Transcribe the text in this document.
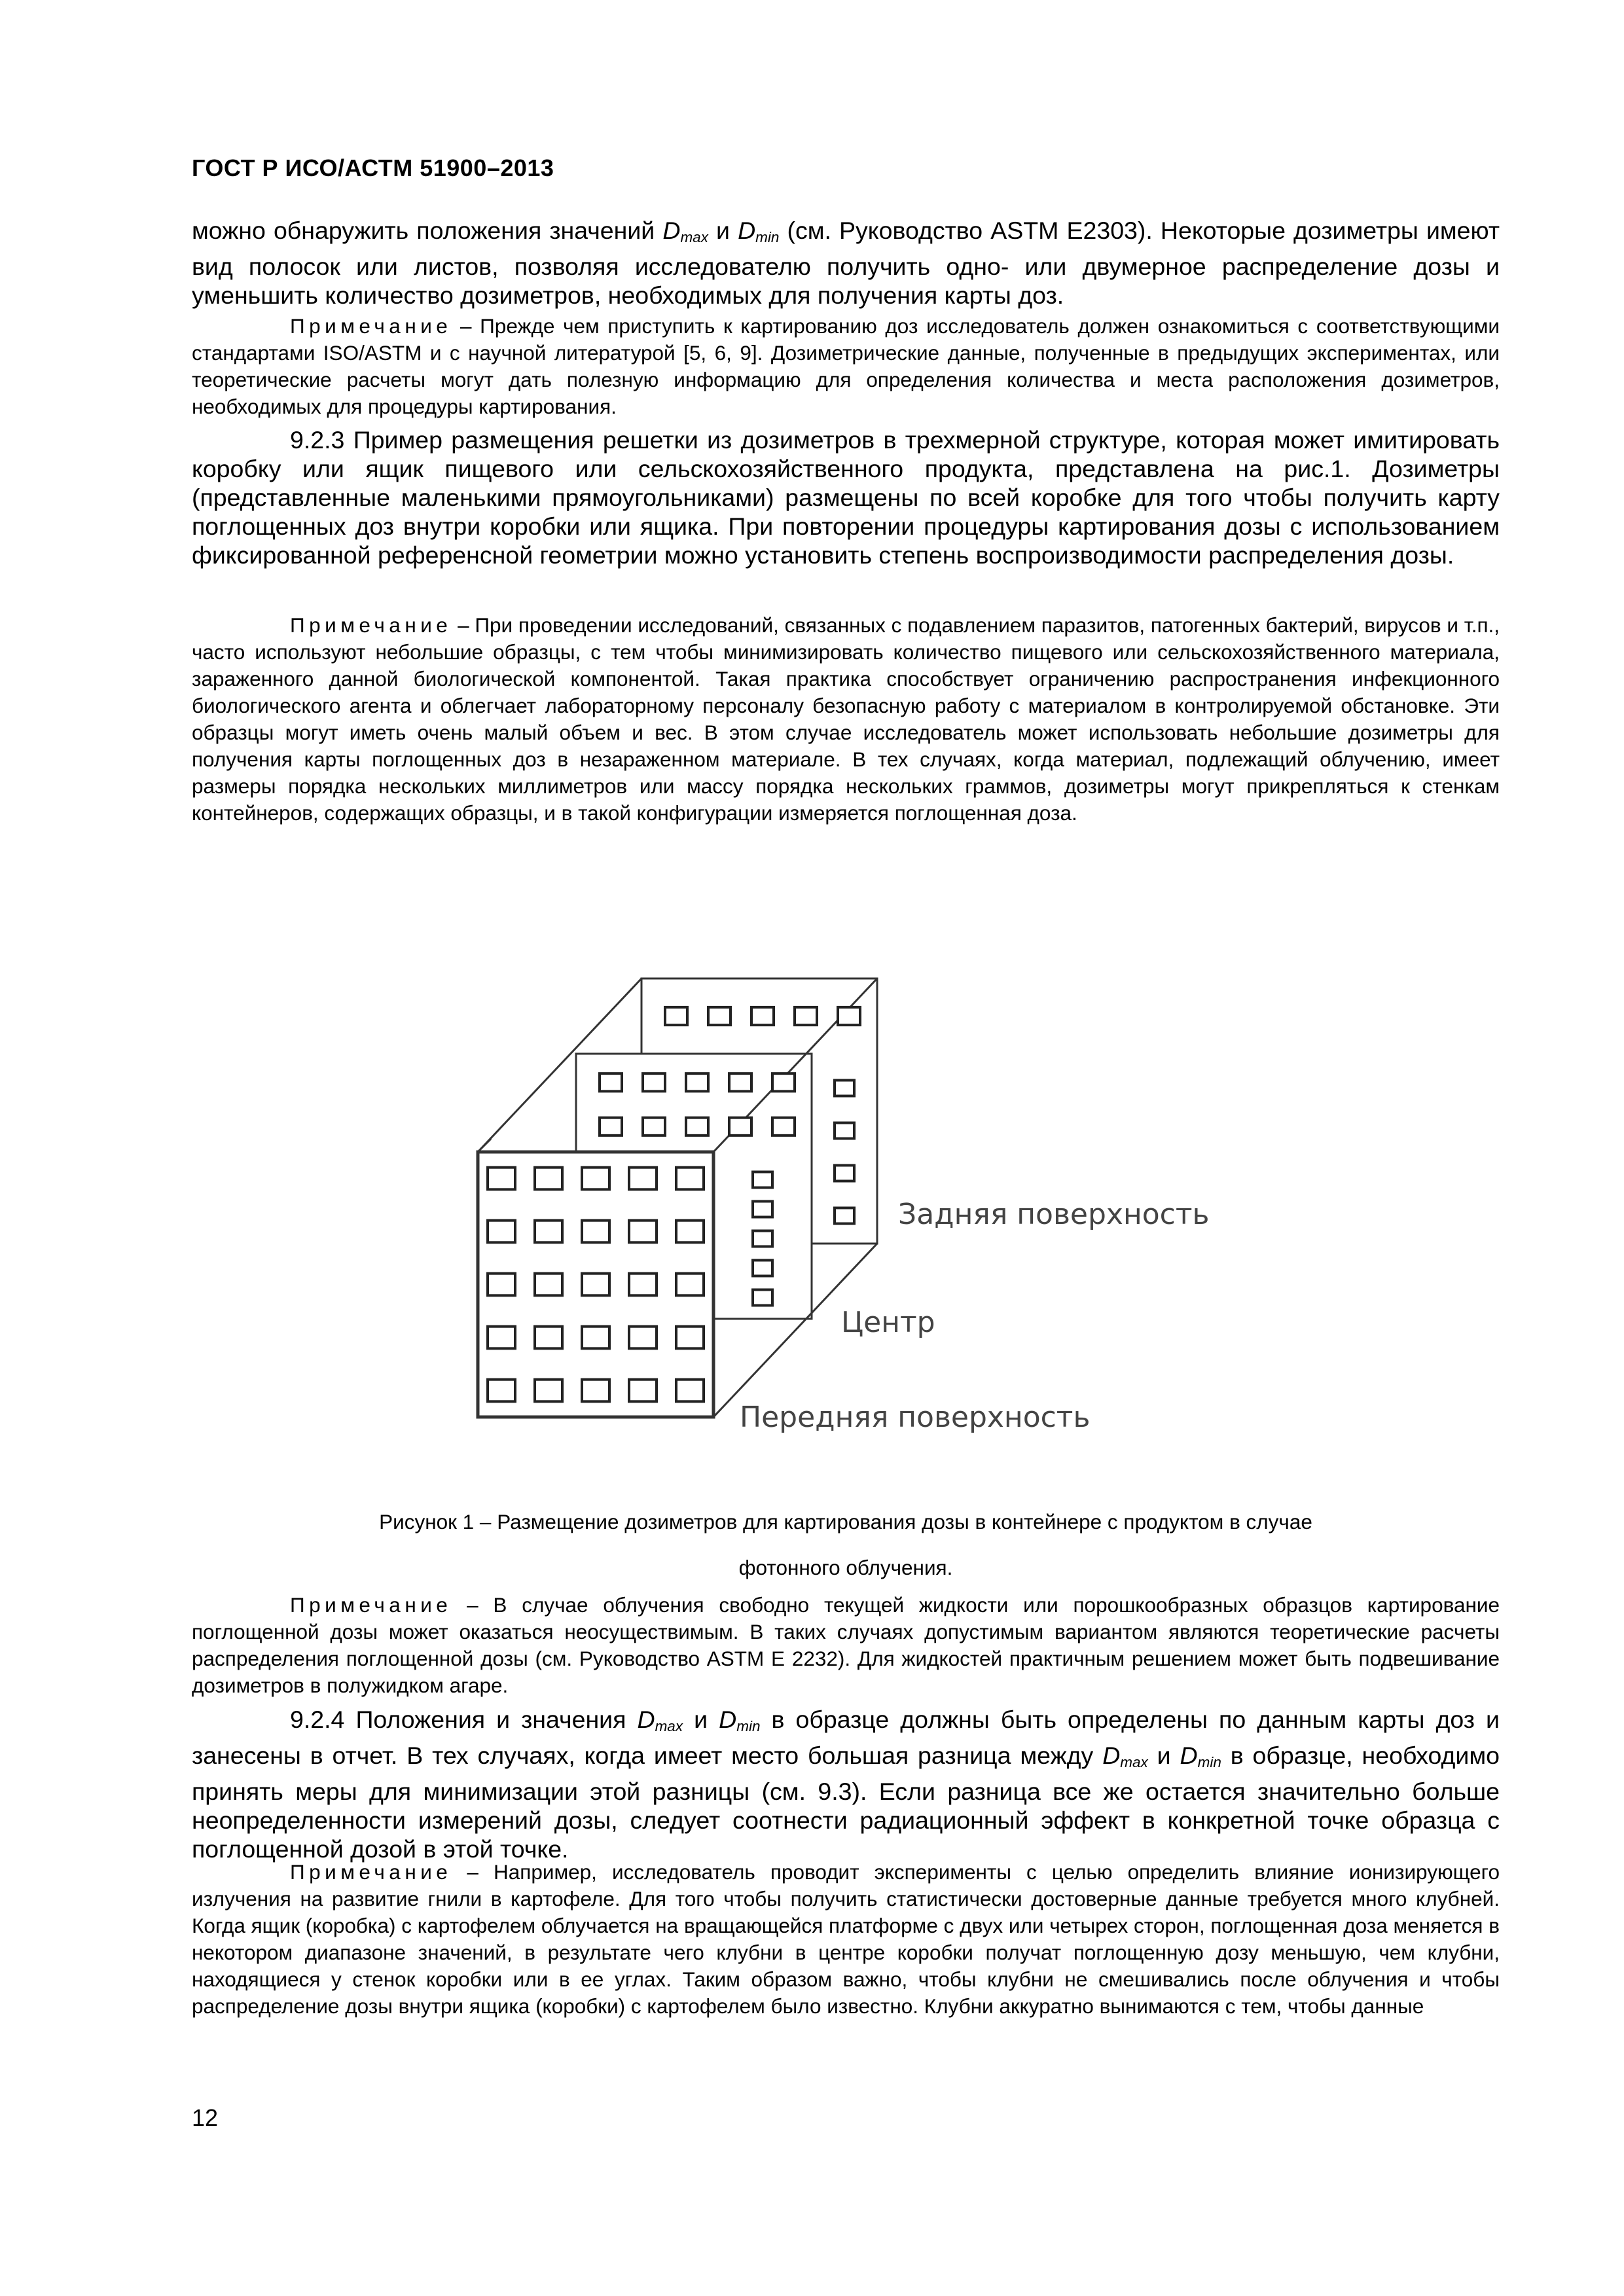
ГОСТ Р ИСО/АСТМ 51900–2013
можно обнаружить положения значений $D_{max}$ и $D_{min}$ (см. Руководство ASTM E2303). Некоторые дозиметры имеют вид полосок или листов, позволяя исследователю получить одно- или двумерное распределение дозы и уменьшить количество дозиметров, необходимых для получения карты доз.
Примечание – Прежде чем приступить к картированию доз исследователь должен ознакомиться с соответствующими стандартами ISO/ASTM и с научной литературой [5, 6, 9]. Дозиметрические данные, полученные в предыдущих экспериментах, или теоретические расчеты могут дать полезную информацию для определения количества и места расположения дозиметров, необходимых для процедуры картирования.
9.2.3 Пример размещения решетки из дозиметров в трехмерной структуре, которая может имитировать коробку или ящик пищевого или сельскохозяйственного продукта, представлена на рис.1. Дозиметры (представленные маленькими прямоугольниками) размещены по всей коробке для того чтобы получить карту поглощенных доз внутри коробки или ящика. При повторении процедуры картирования дозы с использованием фиксированной референсной геометрии можно установить степень воспроизводимости распределения дозы.
Примечание – При проведении исследований, связанных с подавлением паразитов, патогенных бактерий, вирусов и т.п., часто используют небольшие образцы, с тем чтобы минимизировать количество пищевого или сельскохозяйственного материала, зараженного данной биологической компонентой. Такая практика способствует ограничению распространения инфекционного биологического агента и облегчает лабораторному персоналу безопасную работу с материалом в контролируемой обстановке. Эти образцы могут иметь очень малый объем и вес. В этом случае исследователь может использовать небольшие дозиметры для получения карты поглощенных доз в незараженном материале. В тех случаях, когда материал, подлежащий облучению, имеет размеры порядка нескольких миллиметров или массу порядка нескольких граммов, дозиметры могут прикрепляться к стенкам контейнеров, содержащих образцы, и в такой конфигурации измеряется поглощенная доза.
Задняя поверхность
Центр
Передняя поверхность
Рисунок 1 – Размещение дозиметров для картирования дозы в контейнере с продуктом в случае
фотонного облучения.
Примечание – В случае облучения свободно текущей жидкости или порошкообразных образцов картирование поглощенной дозы может оказаться неосуществимым. В таких случаях допустимым вариантом являются теоретические расчеты распределения поглощенной дозы (см. Руководство ASTM E 2232). Для жидкостей практичным решением может быть подвешивание дозиметров в полужидком агаре.
9.2.4 Положения и значения $D_{max}$ и $D_{min}$ в образце должны быть определены по данным карты доз и занесены в отчет. В тех случаях, когда имеет место большая разница между $D_{max}$ и $D_{min}$ в образце, необходимо принять меры для минимизации этой разницы (см. 9.3). Если разница все же остается значительно больше неопределенности измерений дозы, следует соотнести радиационный эффект в конкретной точке образца с поглощенной дозой в этой точке.
Примечание – Например, исследователь проводит эксперименты с целью определить влияние ионизирующего излучения на развитие гнили в картофеле. Для того чтобы получить статистически достоверные данные требуется много клубней. Когда ящик (коробка) с картофелем облучается на вращающейся платформе с двух или четырех сторон, поглощенная доза меняется в некотором диапазоне значений, в результате чего клубни в центре коробки получат поглощенную дозу меньшую, чем клубни, находящиеся у стенок коробки или в ее углах. Таким образом важно, чтобы клубни не смешивались после облучения и чтобы распределение дозы внутри ящика (коробки) с картофелем было известно. Клубни аккуратно вынимаются с тем, чтобы данные
12
